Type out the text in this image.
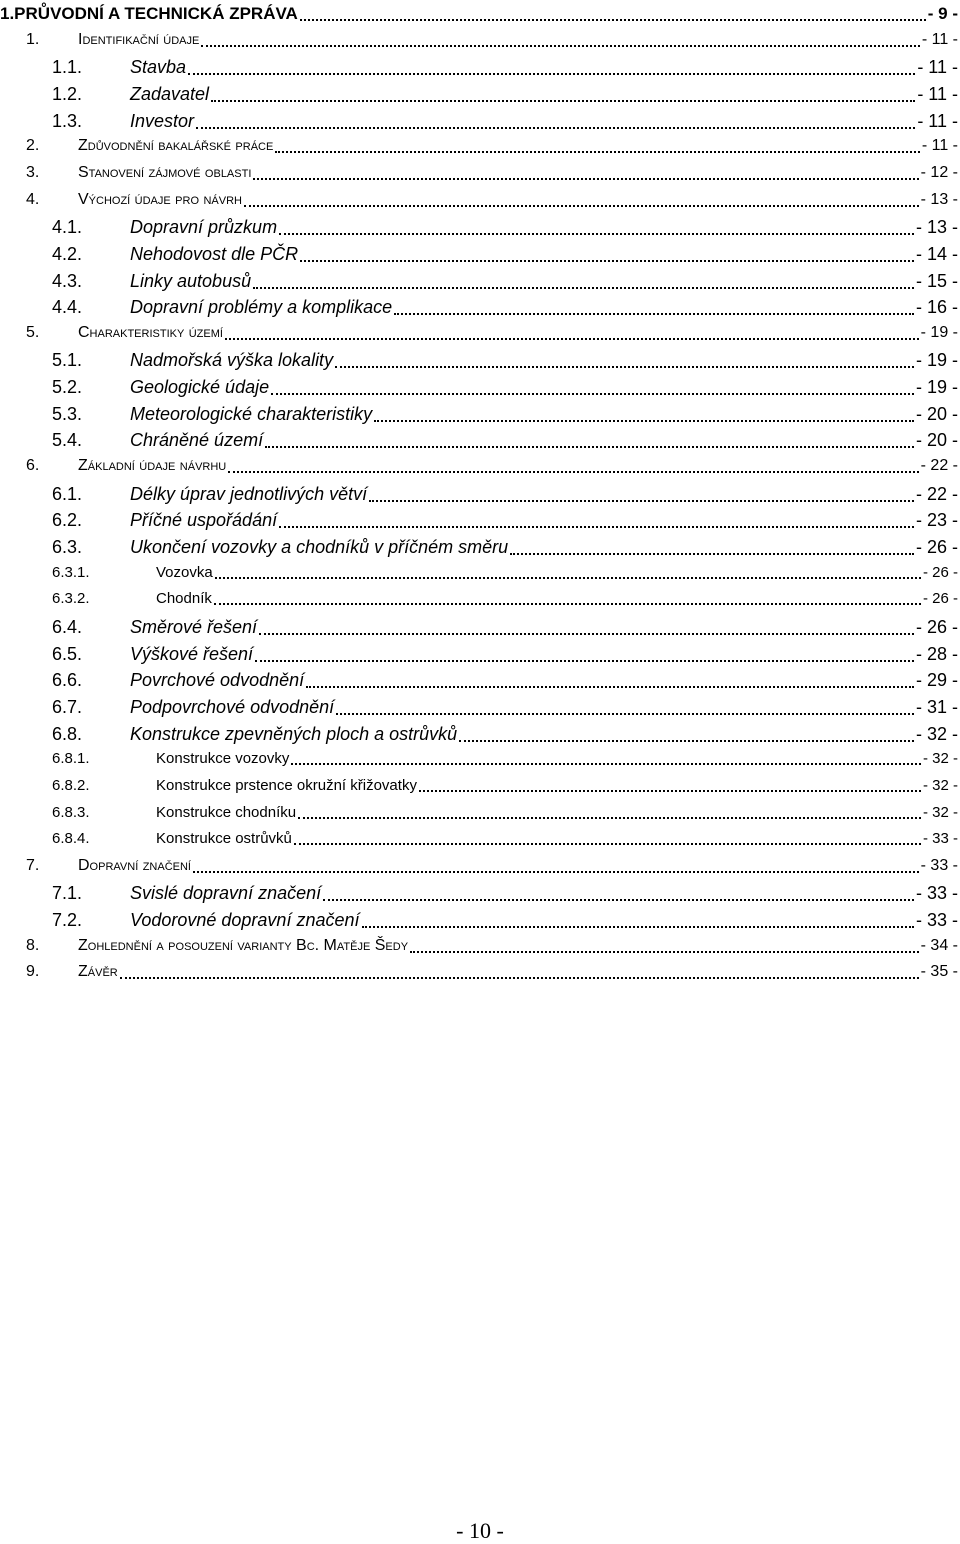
1.PRŮVODNÍ A TECHNICKÁ ZPRÁVA	- 9 -
1. Identifikační údaje	- 11 -
1.1.	Stavba	- 11 -
1.2.	Zadavatel	- 11 -
1.3.	Investor	- 11 -
2. Zdůvodnění bakalářské práce	- 11 -
3. Stanovení zájmové oblasti	- 12 -
4. Výchozí údaje pro návrh	- 13 -
4.1.	Dopravní průzkum	- 13 -
4.2.	Nehodovost dle PČR	- 14 -
4.3.	Linky autobusů	- 15 -
4.4.	Dopravní problémy a komplikace	- 16 -
5. Charakteristiky území	- 19 -
5.1.	Nadmořská výška lokality	- 19 -
5.2.	Geologické údaje	- 19 -
5.3.	Meteorologické charakteristiky	- 20 -
5.4.	Chráněné území	- 20 -
6. Základní údaje návrhu	- 22 -
6.1.	Délky úprav jednotlivých větví	- 22 -
6.2.	Příčné uspořádání	- 23 -
6.3.	Ukončení vozovky a chodníků v příčném směru	- 26 -
6.3.1.	Vozovka	- 26 -
6.3.2.	Chodník	- 26 -
6.4.	Směrové řešení	- 26 -
6.5.	Výškové řešení	- 28 -
6.6.	Povrchové odvodnění	- 29 -
6.7.	Podpovrchové odvodnění	- 31 -
6.8.	Konstrukce zpevněných ploch a ostrůvků	- 32 -
6.8.1.	Konstrukce vozovky	- 32 -
6.8.2.	Konstrukce prstence okružní křižovatky	- 32 -
6.8.3.	Konstrukce chodníku	- 32 -
6.8.4.	Konstrukce ostrůvků	- 33 -
7. Dopravní značení	- 33 -
7.1.	Svislé dopravní značení	- 33 -
7.2.	Vodorovné dopravní značení	- 33 -
8. Zohlednění a posouzení varianty Bc. Matěje Šedy	- 34 -
9. Závěr	- 35 -
- 10 -
